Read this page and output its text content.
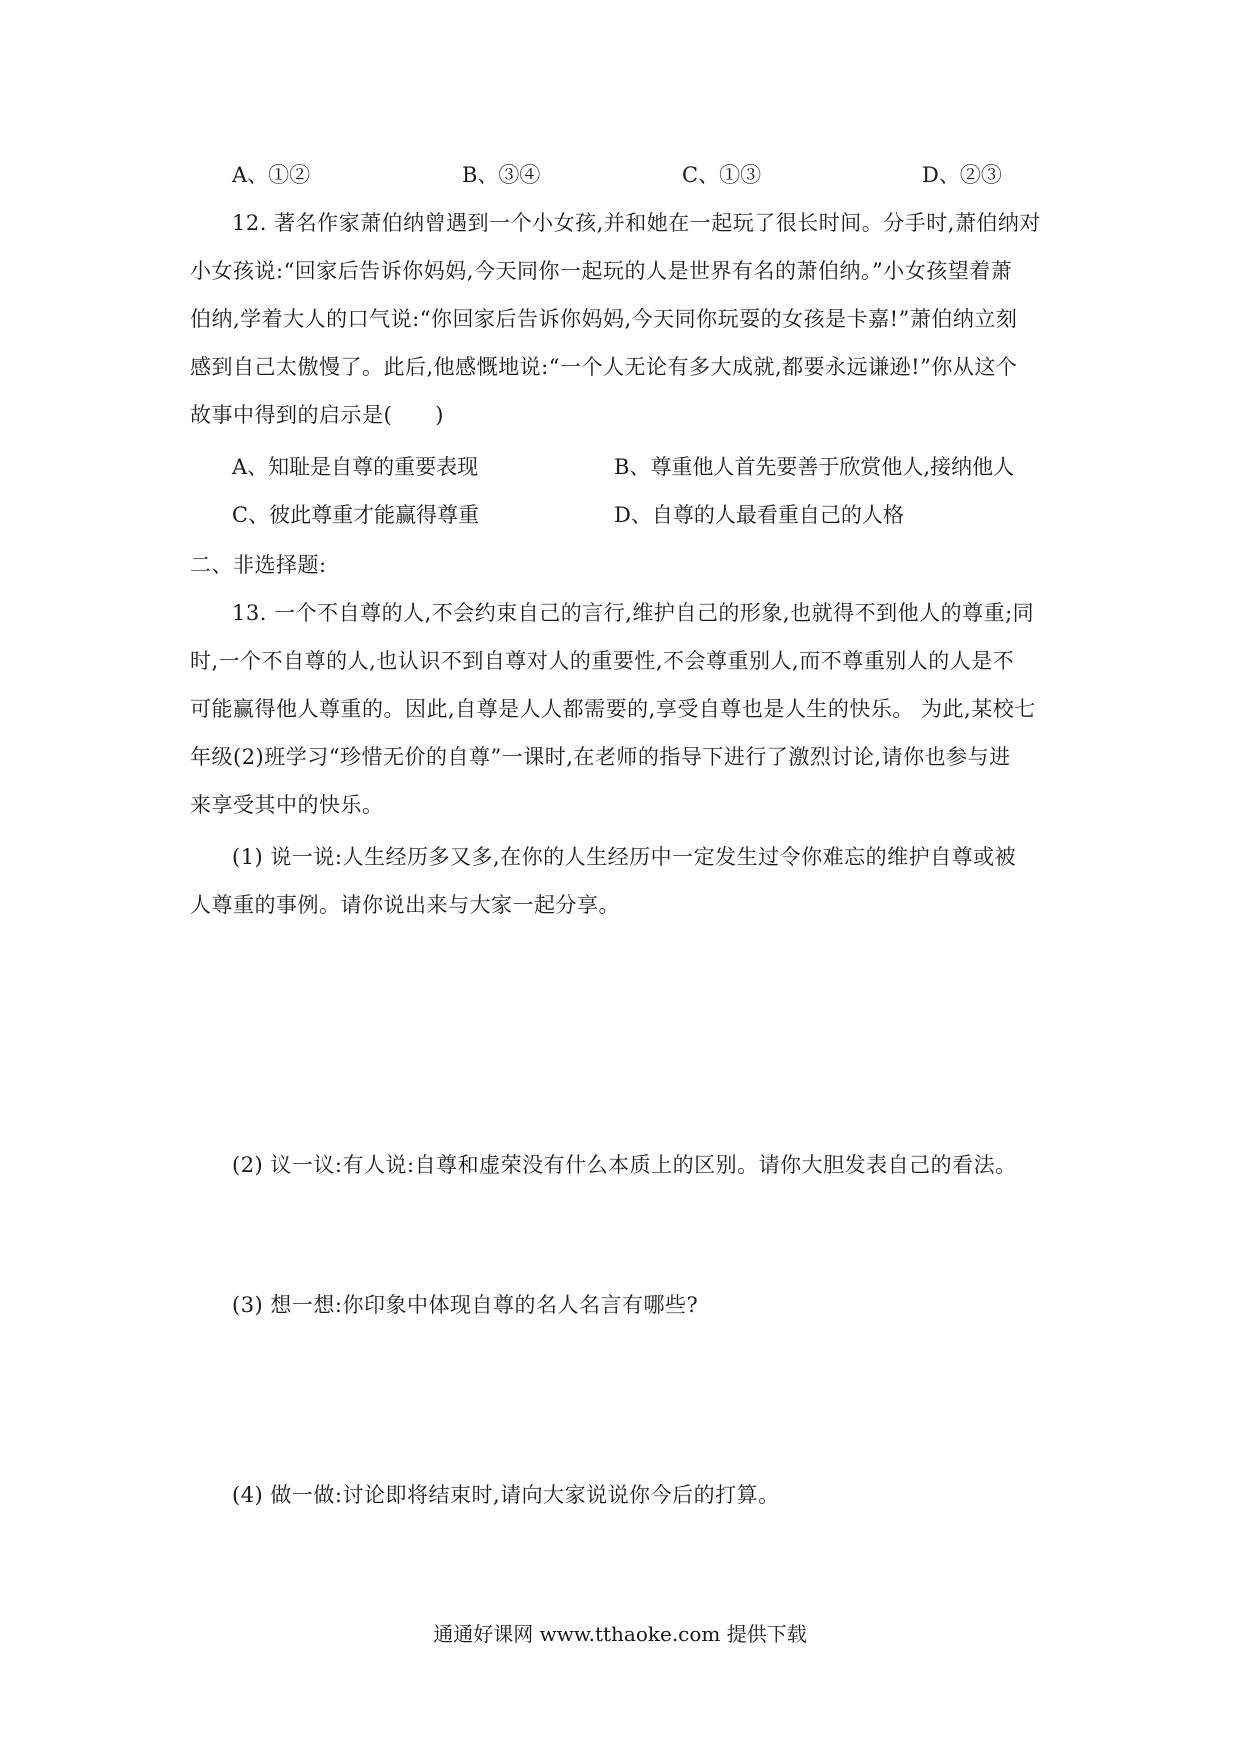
A、①②	B、③④	C、①③	D、②③
12. 著名作家萧伯纳曾遇到一个小女孩,并和她在一起玩了很长时间。分手时,萧伯纳对
小女孩说:“回家后告诉你妈妈,今天同你一起玩的人是世界有名的萧伯纳。”小女孩望着萧
伯纳,学着大人的口气说:“你回家后告诉你妈妈,今天同你玩耍的女孩是卡嘉!”萧伯纳立刻
感到自己太傲慢了。此后,他感慨地说:“一个人无论有多大成就,都要永远谦逊!”你从这个
故事中得到的启示是(　　)
A、知耻是自尊的重要表现	B、尊重他人首先要善于欣赏他人,接纳他人
C、彼此尊重才能赢得尊重	D、自尊的人最看重自己的人格
二、非选择题:
13. 一个不自尊的人,不会约束自己的言行,维护自己的形象,也就得不到他人的尊重;同
时,一个不自尊的人,也认识不到自尊对人的重要性,不会尊重别人,而不尊重别人的人是不
可能赢得他人尊重的。因此,自尊是人人都需要的,享受自尊也是人生的快乐。 为此,某校七
年级(2)班学习“珍惜无价的自尊”一课时,在老师的指导下进行了激烈讨论,请你也参与进
来享受其中的快乐。
(1) 说一说:人生经历多又多,在你的人生经历中一定发生过令你难忘的维护自尊或被
人尊重的事例。请你说出来与大家一起分享。
(2) 议一议:有人说:自尊和虚荣没有什么本质上的区别。请你大胆发表自己的看法。
(3) 想一想:你印象中体现自尊的名人名言有哪些?
(4) 做一做:讨论即将结束时,请向大家说说你今后的打算。
通通好课网 www.tthaoke.com 提供下载
